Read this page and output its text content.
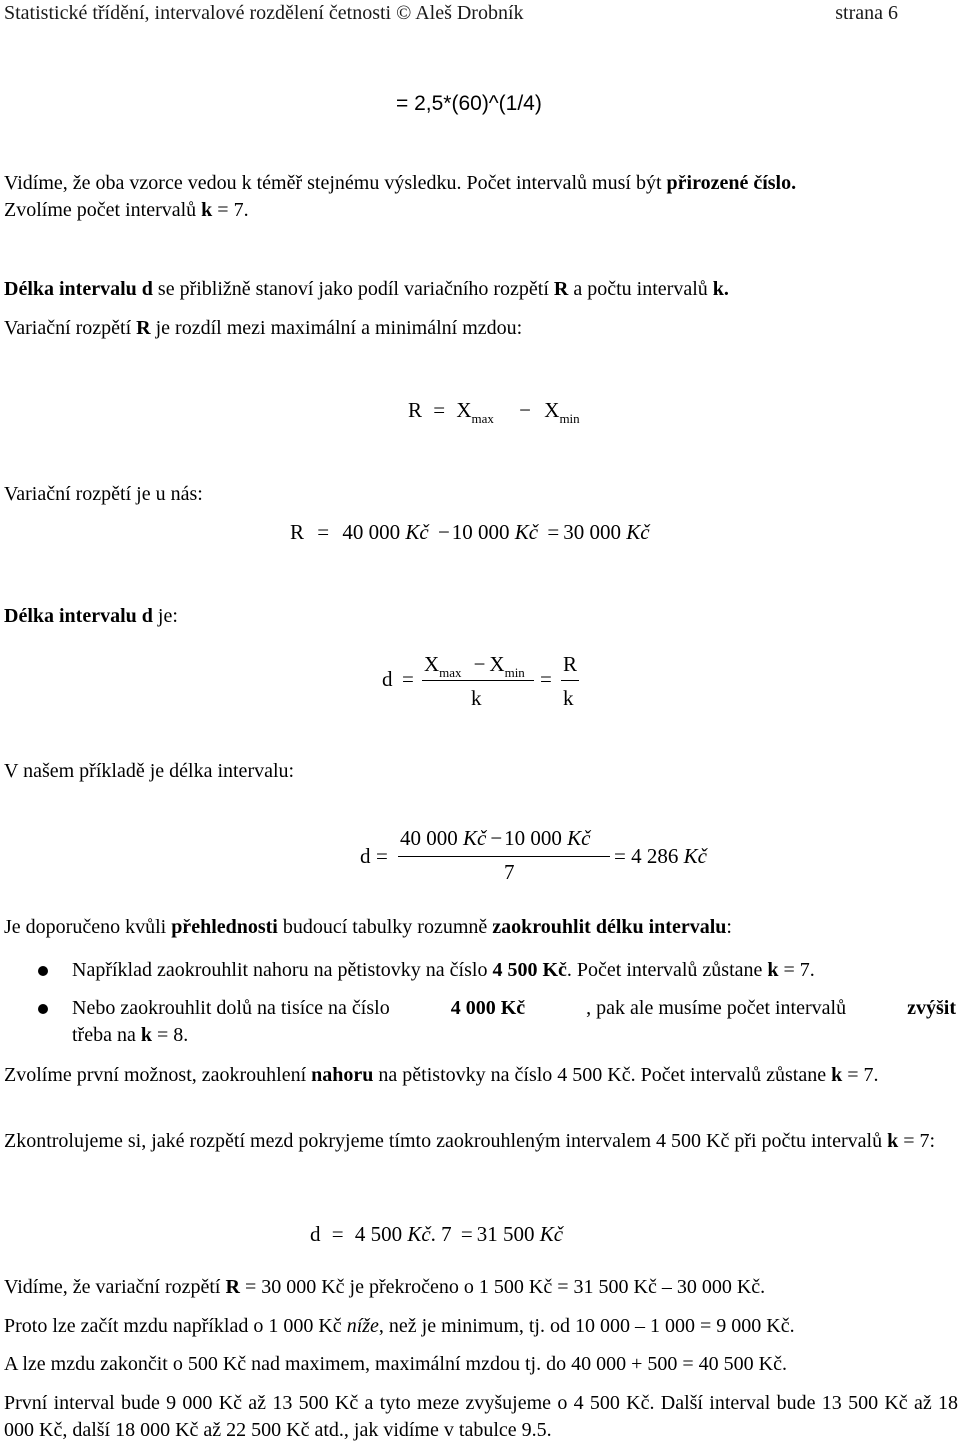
Statistické třídění, intervalové rozdělení četnosti © Aleš Drobník	strana 6
= 2,5*(60)^(1/4)
Vidíme, že oba vzorce vedou k téměř stejnému výsledku. Počet intervalů musí být přirozené číslo.
Zvolíme počet intervalů k = 7.
Délka intervalu d se přibližně stanoví jako podíl variačního rozpětí R a počtu intervalů k.
Variační rozpětí R je rozdíl mezi maximální a minimální mzdou:
$R = X_{max} - X_{min}$
Variační rozpětí je u nás:
R = 40 000 Kč −10 000 Kč = 30 000 Kč
Délka intervalu d je:
d =
$X_{max} - X_{min}$
k
=
R
k
V našem příkladě je délka intervalu:
d =
40 000 Kč −10 000 Kč
7
= 4 286 Kč
Je doporučeno kvůli přehlednosti budoucí tabulky rozumně zaokrouhlit délku intervalu:
Například zaokrouhlit nahoru na pětistovky na číslo 4 500 Kč. Počet intervalů zůstane k = 7.
Nebo zaokrouhlit dolů na tisíce na číslo	4 000 Kč	, pak ale musíme počet intervalů	zvýšit
třeba na k = 8.
Zvolíme první možnost, zaokrouhlení nahoru na pětistovky na číslo 4 500 Kč. Počet intervalů zůstane k = 7.
Zkontrolujeme si, jaké rozpětí mezd pokryjeme tímto zaokrouhleným intervalem 4 500 Kč při počtu intervalů k = 7:
d = 4 500 Kč. 7 = 31 500 Kč
Vidíme, že variační rozpětí R = 30 000 Kč je překročeno o 1 500 Kč = 31 500 Kč – 30 000 Kč.
Proto lze začít mzdu například o 1 000 Kč níže, než je minimum, tj. od 10 000 – 1 000 = 9 000 Kč.
A lze mzdu zakončit o 500 Kč nad maximem, maximální mzdou tj. do 40 000 + 500 = 40 500 Kč.
První interval bude 9 000 Kč až 13 500 Kč a tyto meze zvyšujeme o 4 500 Kč. Další interval bude 13 500 Kč až 18 000 Kč, další 18 000 Kč až 22 500 Kč atd., jak vidíme v tabulce 9.5.
